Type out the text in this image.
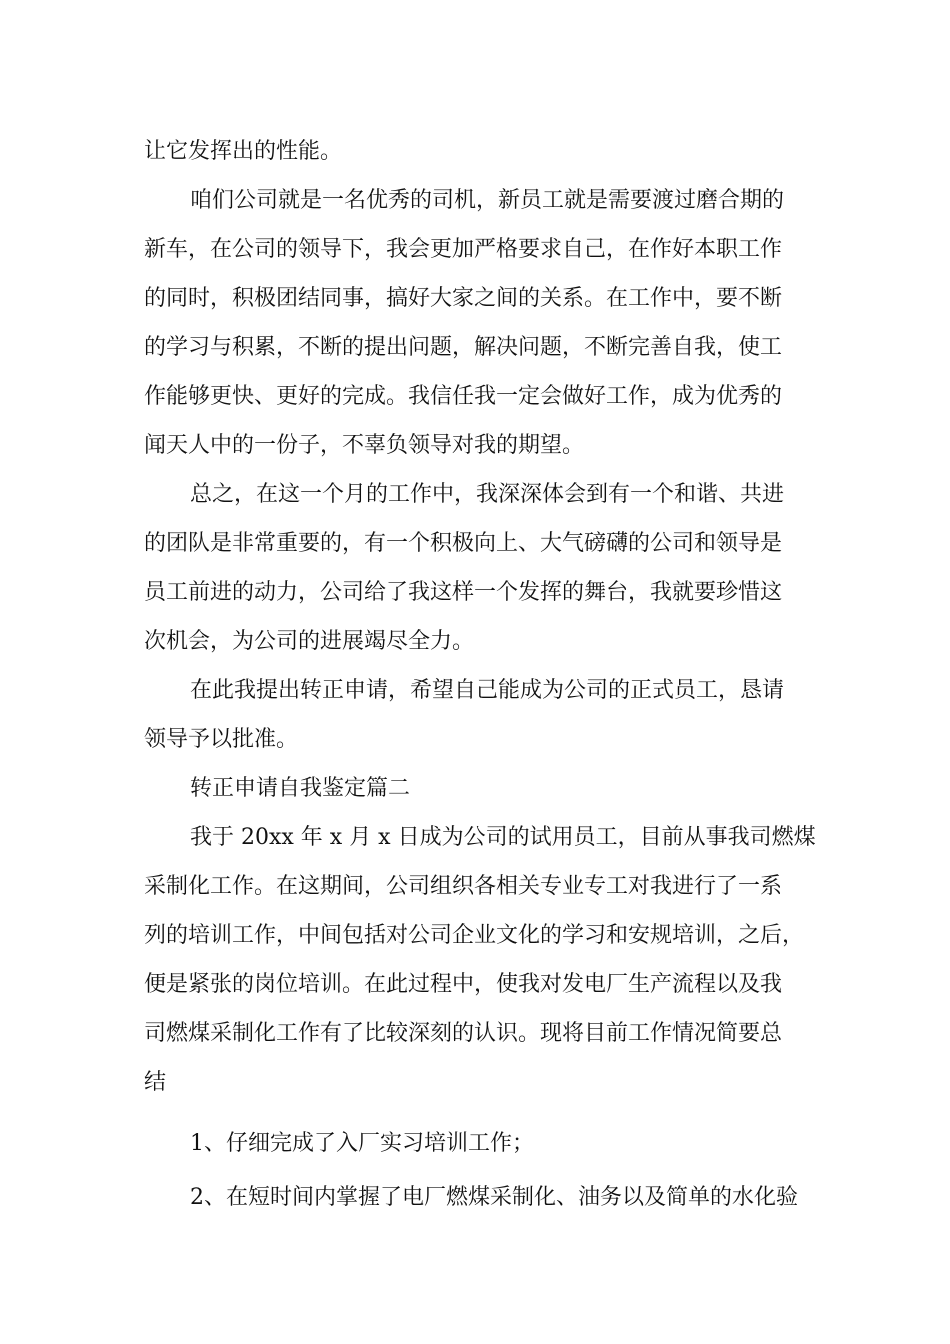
让它发挥出的性能。
咱们公司就是一名优秀的司机，新员工就是需要渡过磨合期的
新车，在公司的领导下，我会更加严格要求自己，在作好本职工作
的同时，积极团结同事，搞好大家之间的关系。在工作中，要不断
的学习与积累，不断的提出问题，解决问题，不断完善自我，使工
作能够更快、更好的完成。我信任我一定会做好工作，成为优秀的
闻天人中的一份子，不辜负领导对我的期望。
总之，在这一个月的工作中，我深深体会到有一个和谐、共进
的团队是非常重要的，有一个积极向上、大气磅礴的公司和领导是
员工前进的动力，公司给了我这样一个发挥的舞台，我就要珍惜这
次机会，为公司的进展竭尽全力。
在此我提出转正申请，希望自己能成为公司的正式员工，恳请
领导予以批准。
转正申请自我鉴定篇二
我于 20xx 年 x 月 x 日成为公司的试用员工，目前从事我司燃煤
采制化工作。在这期间，公司组织各相关专业专工对我进行了一系
列的培训工作，中间包括对公司企业文化的学习和安规培训，之后，
便是紧张的岗位培训。在此过程中，使我对发电厂生产流程以及我
司燃煤采制化工作有了比较深刻的认识。现将目前工作情况简要总
结
1、仔细完成了入厂实习培训工作；
2、在短时间内掌握了电厂燃煤采制化、油务以及简单的水化验
